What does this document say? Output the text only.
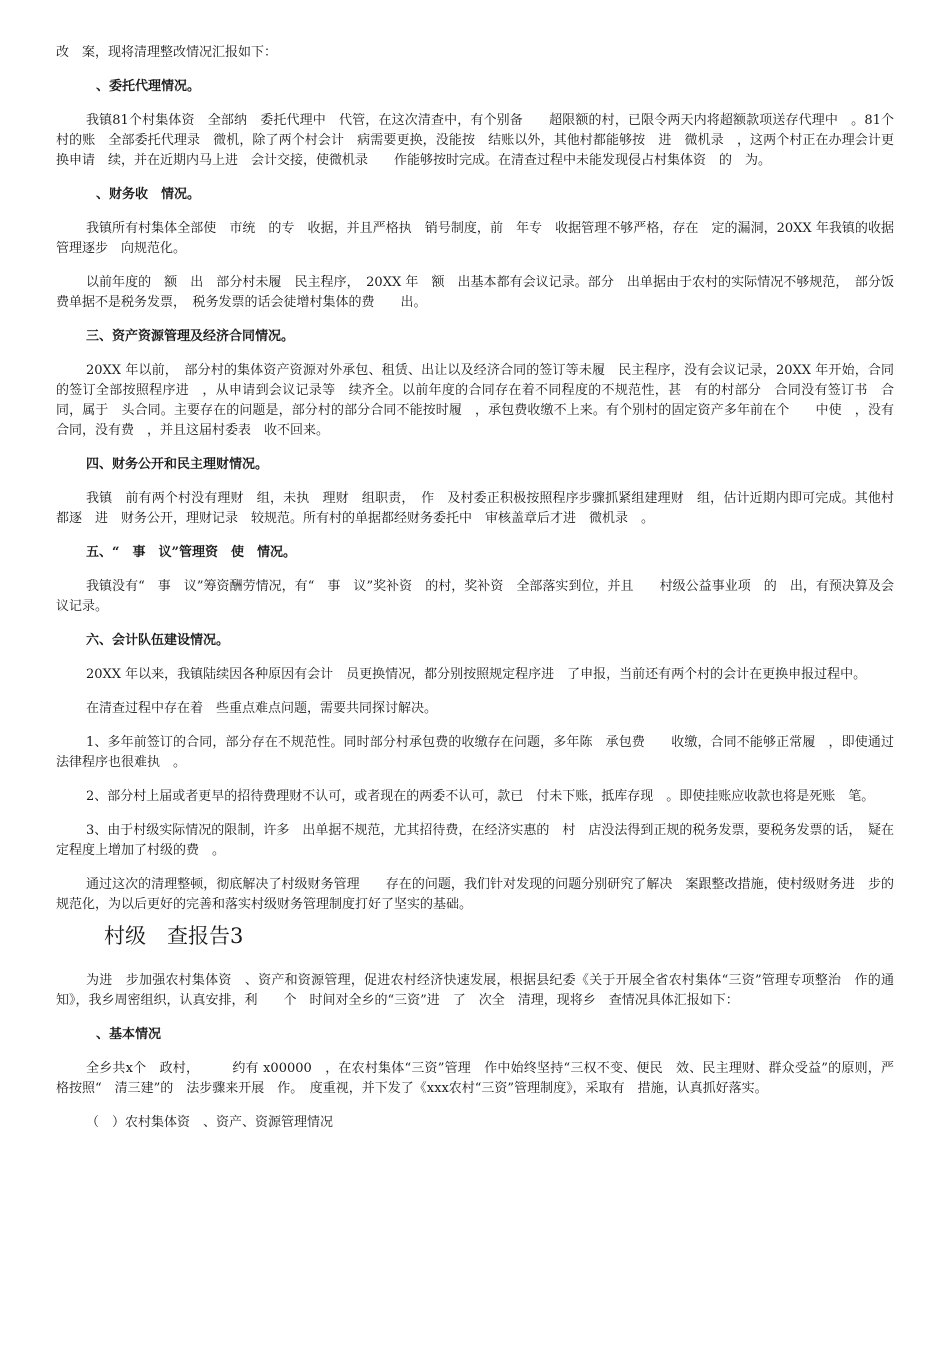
改　案，现将清理整改情况汇报如下：

、委托代理情况。

我镇81个村集体资　全部纳　委托代理中　代管，在这次清查中，有个别备　　超限额的村，已限令两天内将超额款项送存代理中　。81个村的账　全部委托代理录　微机，除了两个村会计　病需要更换，没能按　结账以外，其他村都能够按　进　微机录　，这两个村正在办理会计更换申请　续，并在近期内马上进　会计交接，使微机录　　作能够按时完成。在清查过程中未能发现侵占村集体资　的　为。

、财务收　情况。

我镇所有村集体全部使　市统　的专　收据，并且严格执　销号制度，前　年专　收据管理不够严格，存在　定的漏洞，20XX 年我镇的收据管理逐步　向规范化。

以前年度的　额　出　部分村未履　民主程序，　20XX 年　额　出基本都有会议记录。部分　出单据由于农村的实际情况不够规范，　部分饭费单据不是税务发票，　税务发票的话会徒增村集体的费　　出。

三、资产资源管理及经济合同情况。

20XX 年以前，　部分村的集体资产资源对外承包、租赁、出让以及经济合同的签订等未履　民主程序，没有会议记录，20XX 年开始，合同的签订全部按照程序进　，从申请到会议记录等　续齐全。以前年度的合同存在着不同程度的不规范性，甚　有的村部分　合同没有签订书　合同，属于　头合同。主要存在的问题是，部分村的部分合同不能按时履　，承包费收缴不上来。有个别村的固定资产多年前在个　　中使　，没有合同，没有费　，并且这届村委表　收不回来。

四、财务公开和民主理财情况。

我镇　前有两个村没有理财　组，未执　理财　组职责，　作　及村委正积极按照程序步骤抓紧组建理财　组，估计近期内即可完成。其他村都逐　进　财务公开，理财记录　较规范。所有村的单据都经财务委托中　审核盖章后才进　微机录　。

五、“　事　议”管理资　使　情况。

我镇没有“　事　议”筹资酬劳情况，有“　事　议”奖补资　的村，奖补资　全部落实到位，并且　　村级公益事业项　的　出，有预决算及会议记录。

六、会计队伍建设情况。

20XX 年以来，我镇陆续因各种原因有会计　员更换情况，都分别按照规定程序进　了申报，当前还有两个村的会计在更换申报过程中。

在清查过程中存在着　些重点难点问题，需要共同探讨解决。

1、多年前签订的合同，部分存在不规范性。同时部分村承包费的收缴存在问题，多年陈　承包费　　收缴，合同不能够正常履　，即使通过法律程序也很难执　。

2、部分村上届或者更早的招待费理财不认可，或者现在的两委不认可，款已　付未下账，抵库存现　。即使挂账应收款也将是死账　笔。

3、由于村级实际情况的限制，许多　出单据不规范，尤其招待费，在经济实惠的　村　店没法得到正规的税务发票，要税务发票的话，　疑在　定程度上增加了村级的费　。

通过这次的清理整顿，彻底解决了村级财务管理　　存在的问题，我们针对发现的问题分别研究了解决　案跟整改措施，使村级财务进　步的规范化，为以后更好的完善和落实村级财务管理制度打好了坚实的基础。

村级　查报告3

为进　步加强农村集体资　、资产和资源管理，促进农村经济快速发展，根据县纪委《关于开展全省农村集体“三资”管理专项整治　作的通知》，我乡周密组织，认真安排，利　　个　时间对全乡的“三资”进　了　次全　清理，现将乡　查情况具体汇报如下：

、基本情况

全乡共x个　政村，　　　约有 x00000　，在农村集体“三资”管理　作中始终坚持“三权不变、便民　效、民主理财、群众受益”的原则，严格按照“　清三建”的　法步骤来开展　作。　度重视，并下发了《xxx农村“三资”管理制度》，采取有　措施，认真抓好落实。

（　）农村集体资　、资产、资源管理情况
